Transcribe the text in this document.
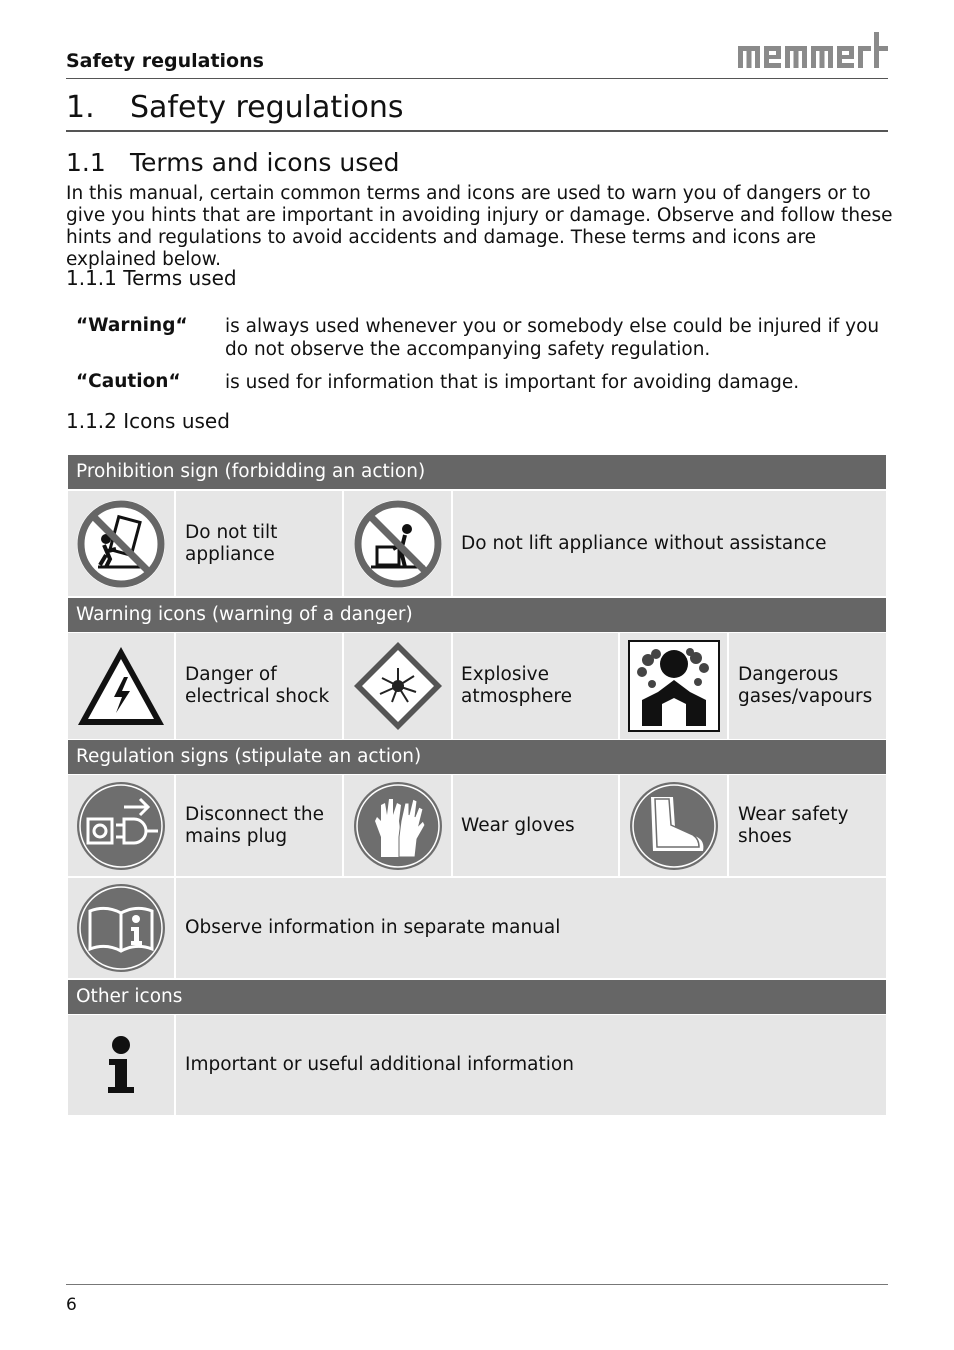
Safety regulations
1. Safety regulations
1.1 Terms and icons used
In this manual, certain common terms and icons are used to warn you of dangers or to give you hints that are important in avoiding injury or damage. Observe and follow these hints and regulations to avoid accidents and damage. These terms and icons are explained below.
1.1.1 Terms used
“Warning“ is always used whenever you or somebody else could be injured if you do not observe the accompanying safety regulation.
“Caution“ is used for information that is important for avoiding damage.
1.1.2 Icons used
Prohibition sign (forbidding an action)
Do not tilt appliance
Do not lift appliance without assistance
Warning icons (warning of a danger)
Danger of electrical shock
Explosive atmosphere
Dangerous gases/vapours
Regulation signs (stipulate an action)
Disconnect the mains plug
Wear gloves
Wear safety shoes
Observe information in separate manual
Other icons
Important or useful additional information
6
